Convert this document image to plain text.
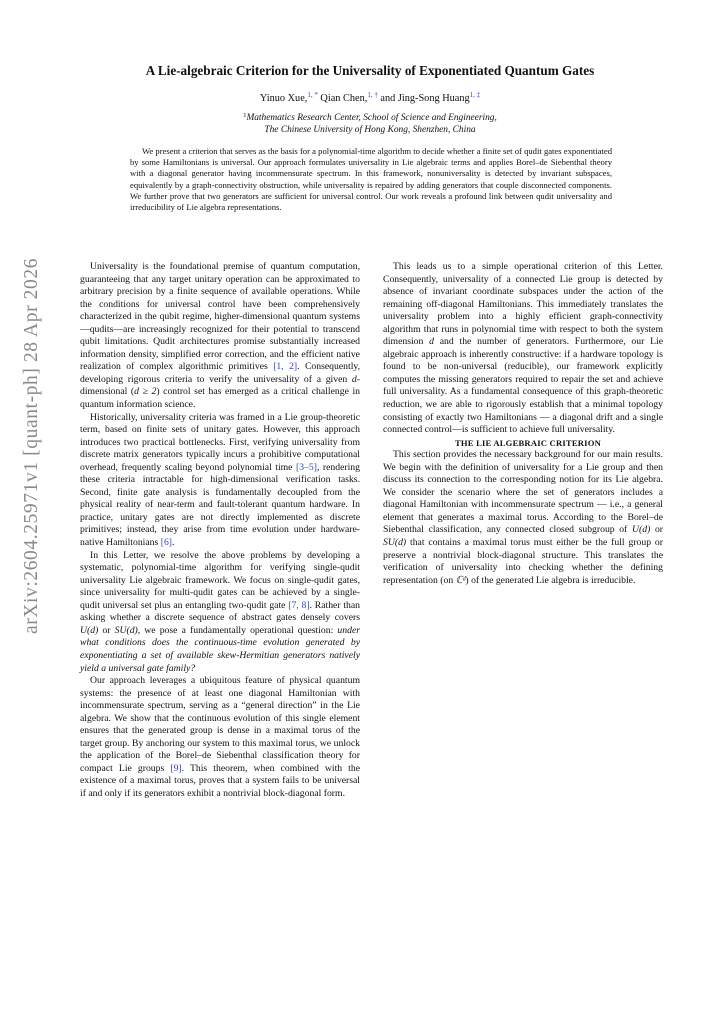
arXiv:2604.25971v1 [quant-ph] 28 Apr 2026
A Lie-algebraic Criterion for the Universality of Exponentiated Quantum Gates
Yinuo Xue,$^{1, *}$ Qian Chen,$^{1, \dagger}$ and Jing-Song Huang$^{1, \ddagger}$
$^1$Mathematics Research Center, School of Science and Engineering,
The Chinese University of Hong Kong, Shenzhen, China

We present a criterion that serves as the basis for a polynomial-time algorithm to decide whether a finite set of qudit gates exponentiated by some Hamiltonians is universal. Our approach formulates universality in Lie algebraic terms and applies Borel–de Siebenthal theory with a diagonal generator having incommensurate spectrum. In this framework, nonuniversality is detected by invariant subspaces, equivalently by a graph-connectivity obstruction, while universality is repaired by adding generators that couple disconnected components. We further prove that two generators are sufficient for universal control. Our work reveals a profound link between qudit universality and irreducibility of Lie algebra representations.

Universality is the foundational premise of quantum computation, guaranteeing that any target unitary operation can be approximated to arbitrary precision by a finite sequence of available operations. While the conditions for universal control have been comprehensively characterized in the qubit regime, higher-dimensional quantum systems—qudits—are increasingly recognized for their potential to transcend qubit limitations. Qudit architectures promise substantially increased information density, simplified error correction, and the efficient native realization of complex algorithmic primitives [1, 2]. Consequently, developing rigorous criteria to verify the universality of a given d-dimensional (d ≥ 2) control set has emerged as a critical challenge in quantum information science.

Historically, universality criteria was framed in a Lie group-theoretic term, based on finite sets of unitary gates. However, this approach introduces two practical bottlenecks. First, verifying universality from discrete matrix generators typically incurs a prohibitive computational overhead, frequently scaling beyond polynomial time [3–5], rendering these criteria intractable for high-dimensional verification tasks. Second, finite gate analysis is fundamentally decoupled from the physical reality of near-term and fault-tolerant quantum hardware. In practice, unitary gates are not directly implemented as discrete primitives; instead, they arise from time evolution under hardware-native Hamiltonians [6].

In this Letter, we resolve the above problems by developing a systematic, polynomial-time algorithm for verifying single-qudit universality Lie algebraic framework. We focus on single-qudit gates, since universality for multi-qudit gates can be achieved by a single-qudit universal set plus an entangling two-qudit gate [7, 8]. Rather than asking whether a discrete sequence of abstract gates densely covers U(d) or SU(d), we pose a fundamentally operational question: under what conditions does the continuous-time evolution generated by exponentiating a set of available skew-Hermitian generators natively yield a universal gate family?

Our approach leverages a ubiquitous feature of physical quantum systems: the presence of at least one diagonal Hamiltonian with incommensurate spectrum, serving as a “general direction” in the Lie algebra. We show that the continuous evolution of this single element ensures that the generated group is dense in a maximal torus of the target group. By anchoring our system to this maximal torus, we unlock the application of the Borel–de Siebenthal classification theory for compact Lie groups [9]. This theorem, when combined with the existence of a maximal torus, proves that a system fails to be universal if and only if its generators exhibit a nontrivial block-diagonal form.

This leads us to a simple operational criterion of this Letter. Consequently, universality of a connected Lie group is detected by absence of invariant coordinate subspaces under the action of the remaining off-diagonal Hamiltonians. This immediately translates the universality problem into a highly efficient graph-connectivity algorithm that runs in polynomial time with respect to both the system dimension d and the number of generators. Furthermore, our Lie algebraic approach is inherently constructive: if a hardware topology is found to be non-universal (reducible), our framework explicitly computes the missing generators required to repair the set and achieve full universality. As a fundamental consequence of this graph-theoretic reduction, we are able to rigorously establish that a minimal topology consisting of exactly two Hamiltonians — a diagonal drift and a single connected control—is sufficient to achieve full universality.

THE LIE ALGEBRAIC CRITERION

This section provides the necessary background for our main results. We begin with the definition of universality for a Lie group and then discuss its connection to the corresponding notion for its Lie algebra. We consider the scenario where the set of generators includes a diagonal Hamiltonian with incommensurate spectrum — i.e., a general element that generates a maximal torus. According to the Borel–de Siebenthal classification, any connected closed subgroup of U(d) or SU(d) that contains a maximal torus must either be the full group or preserve a nontrivial block-diagonal structure. This translates the verification of universality into checking whether the defining representation (on ℂᵈ) of the generated Lie algebra is irreducible.
